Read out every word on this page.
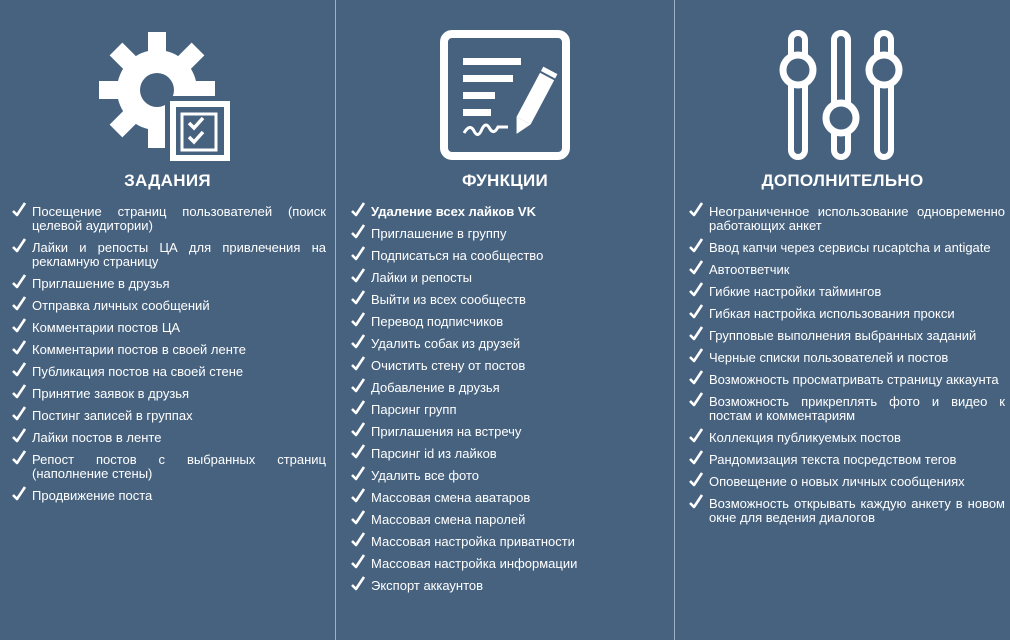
ЗАДАНИЯ
Посещение страниц пользователей (поиск целевой аудитории)
Лайки и репосты ЦА для привлечения на рекламную страницу
Приглашение в друзья
Отправка личных сообщений
Комментарии постов ЦА
Комментарии постов в своей ленте
Публикация постов на своей стене
Принятие заявок в друзья
Постинг записей в группах
Лайки постов в ленте
Репост постов с выбранных страниц (наполнение стены)
Продвижение поста
ФУНКЦИИ
Удаление всех лайков VK
Приглашение в группу
Подписаться на сообщество
Лайки и репосты
Выйти из всех сообществ
Перевод подписчиков
Удалить собак из друзей
Очистить стену от постов
Добавление в друзья
Парсинг групп
Приглашения на встречу
Парсинг id из лайков
Удалить все фото
Массовая смена аватаров
Массовая смена паролей
Массовая настройка приватности
Массовая настройка информации
Экспорт аккаунтов
ДОПОЛНИТЕЛЬНО
Неограниченное использование одновременно работающих анкет
Ввод капчи через сервисы rucaptcha и antigate
Автоответчик
Гибкие настройки таймингов
Гибкая настройка использования прокси
Групповые выполнения выбранных заданий
Черные списки пользователей и постов
Возможность просматривать страницу аккаунта
Возможность прикреплять фото и видео к постам и комментариям
Коллекция публикуемых постов
Рандомизация текста посредством тегов
Оповещение о новых личных сообщениях
Возможность открывать каждую анкету в новом окне для ведения диалогов
